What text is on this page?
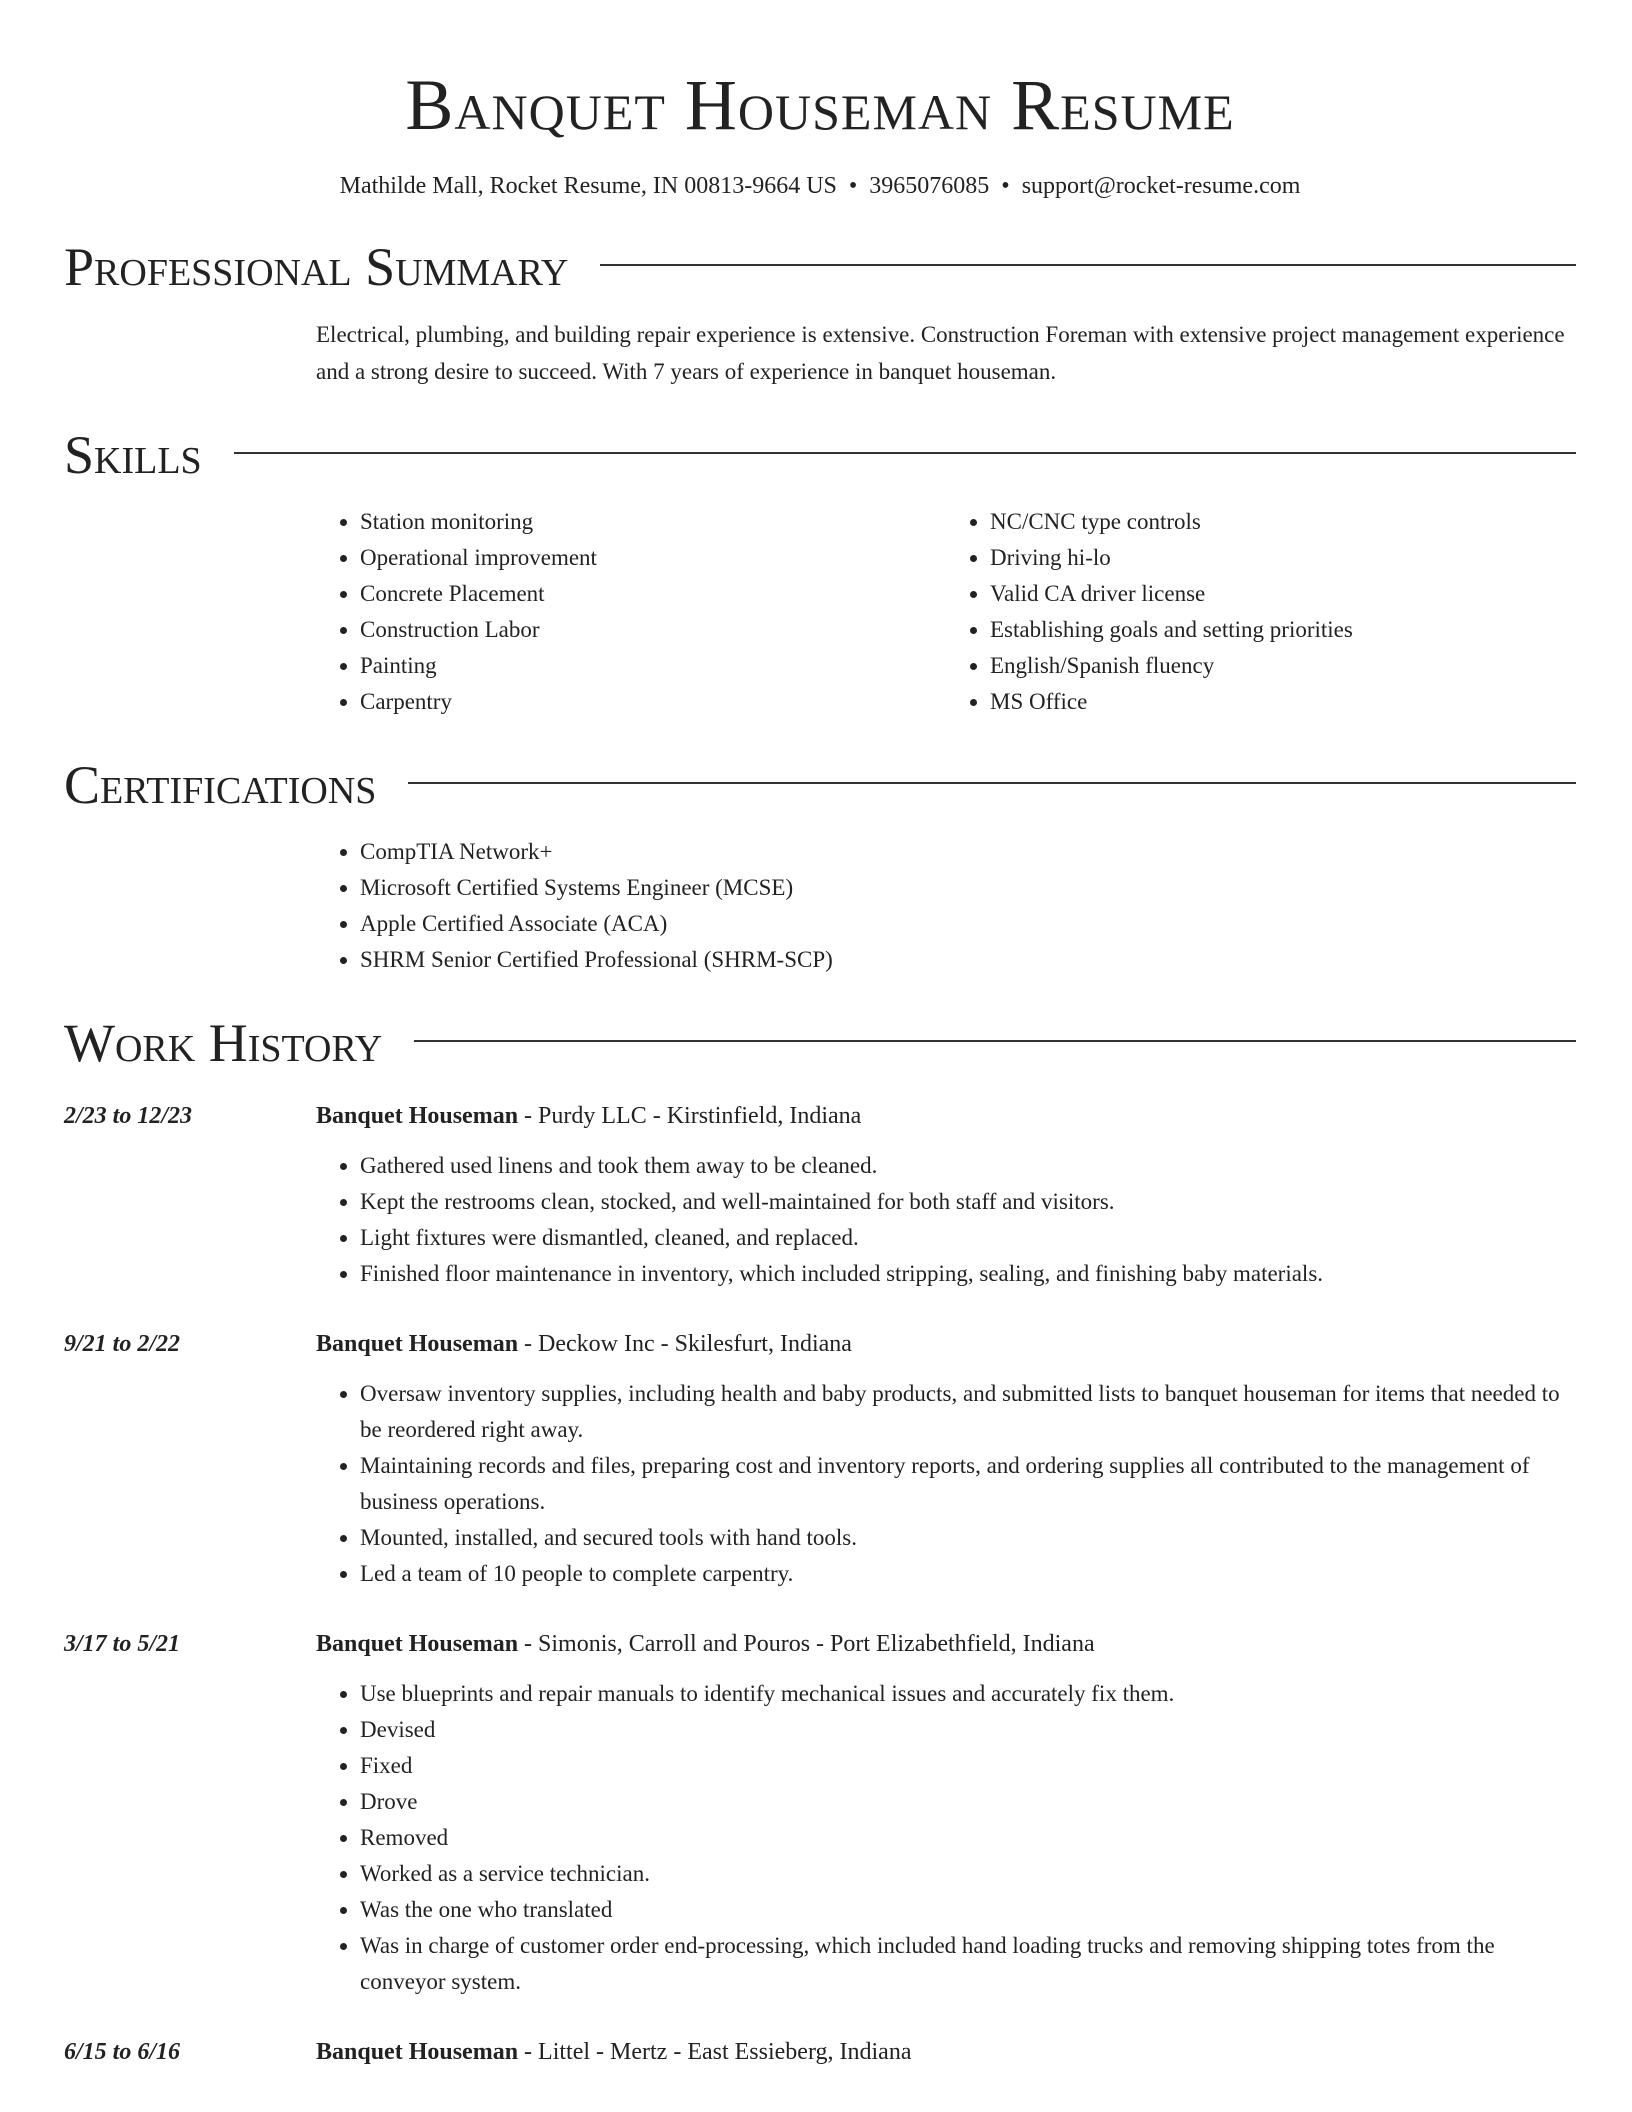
Banquet Houseman Resume
Mathilde Mall, Rocket Resume, IN 00813-9664 US • 3965076085 • support@rocket-resume.com
Professional Summary
Electrical, plumbing, and building repair experience is extensive. Construction Foreman with extensive project management experience and a strong desire to succeed. With 7 years of experience in banquet houseman.
Skills
• Station monitoring
• Operational improvement
• Concrete Placement
• Construction Labor
• Painting
• Carpentry
• NC/CNC type controls
• Driving hi-lo
• Valid CA driver license
• Establishing goals and setting priorities
• English/Spanish fluency
• MS Office
Certifications
• CompTIA Network+
• Microsoft Certified Systems Engineer (MCSE)
• Apple Certified Associate (ACA)
• SHRM Senior Certified Professional (SHRM-SCP)
Work History
2/23 to 12/23	Banquet Houseman - Purdy LLC - Kirstinfield, Indiana
• Gathered used linens and took them away to be cleaned.
• Kept the restrooms clean, stocked, and well-maintained for both staff and visitors.
• Light fixtures were dismantled, cleaned, and replaced.
• Finished floor maintenance in inventory, which included stripping, sealing, and finishing baby materials.
9/21 to 2/22	Banquet Houseman - Deckow Inc - Skilesfurt, Indiana
• Oversaw inventory supplies, including health and baby products, and submitted lists to banquet houseman for items that needed to be reordered right away.
• Maintaining records and files, preparing cost and inventory reports, and ordering supplies all contributed to the management of business operations.
• Mounted, installed, and secured tools with hand tools.
• Led a team of 10 people to complete carpentry.
3/17 to 5/21	Banquet Houseman - Simonis, Carroll and Pouros - Port Elizabethfield, Indiana
• Use blueprints and repair manuals to identify mechanical issues and accurately fix them.
• Devised
• Fixed
• Drove
• Removed
• Worked as a service technician.
• Was the one who translated
• Was in charge of customer order end-processing, which included hand loading trucks and removing shipping totes from the conveyor system.
6/15 to 6/16	Banquet Houseman - Littel - Mertz - East Essieberg, Indiana
